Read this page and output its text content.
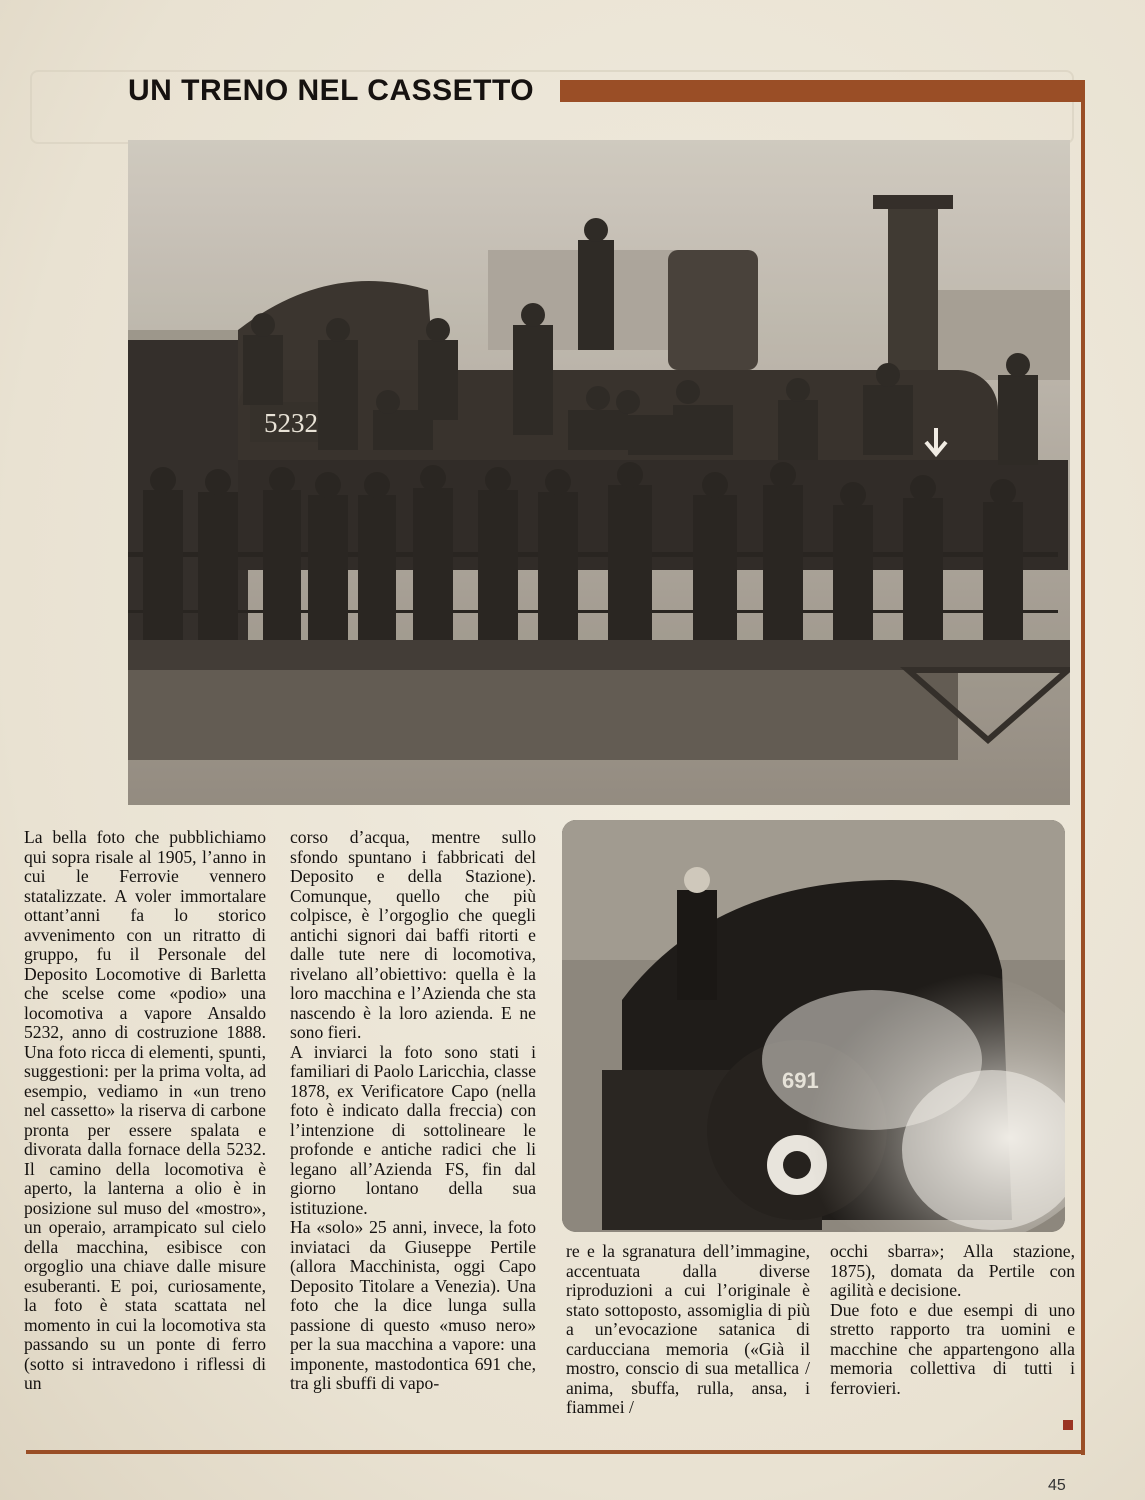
UN TRENO NEL CASSETTO
5232

La bella foto che pubblichiamo qui sopra risale al 1905, l’anno in cui le Ferrovie vennero statalizzate. A voler immortalare ottant’anni fa lo storico avvenimento con un ritratto di gruppo, fu il Personale del Deposito Locomotive di Barletta che scelse come «podio» una locomotiva a vapore Ansaldo 5232, anno di costruzione 1888. Una foto ricca di elementi, spunti, suggestioni: per la prima volta, ad esempio, vediamo in «un treno nel cassetto» la riserva di carbone pronta per essere spalata e divorata dalla fornace della 5232. Il camino della locomotiva è aperto, la lanterna a olio è in posizione sul muso del «mostro», un operaio, arrampicato sul cielo della macchina, esibisce con orgoglio una chiave dalle misure esuberanti. E poi, curiosamente, la foto è stata scattata nel momento in cui la locomotiva sta passando su un ponte di ferro (sotto si intravedono i riflessi di un

corso d’acqua, mentre sullo sfondo spuntano i fabbricati del Deposito e della Stazione). Comunque, quello che più colpisce, è l’orgoglio che quegli antichi signori dai baffi ritorti e dalle tute nere di locomotiva, rivelano all’obiettivo: quella è la loro macchina e l’Azienda che sta nascendo è la loro azienda. E ne sono fieri.

A inviarci la foto sono stati i familiari di Paolo Laricchia, classe 1878, ex Verificatore Capo (nella foto è indicato dalla freccia) con l’intenzione di sottolineare le profonde e antiche radici che li legano all’Azienda FS, fin dal giorno lontano della sua istituzione.

Ha «solo» 25 anni, invece, la foto inviataci da Giuseppe Pertile (allora Macchinista, oggi Capo Deposito Titolare a Venezia). Una foto che la dice lunga sulla passione di questo «muso nero» per la sua macchina a vapore: una imponente, mastodontica 691 che, tra gli sbuffi di vapo-

re e la sgranatura dell’immagine, accentuata dalla diverse riproduzioni a cui l’originale è stato sottoposto, assomiglia di più a un’evocazione satanica di carducciana memoria («Già il mostro, conscio di sua metallica / anima, sbuffa, rulla, ansa, i fiammei /

occhi sbarra»; Alla stazione, 1875), domata da Pertile con agilità e decisione.

Due foto e due esempi di uno stretto rapporto tra uomini e macchine che appartengono alla memoria collettiva di tutti i ferrovieri.

45
